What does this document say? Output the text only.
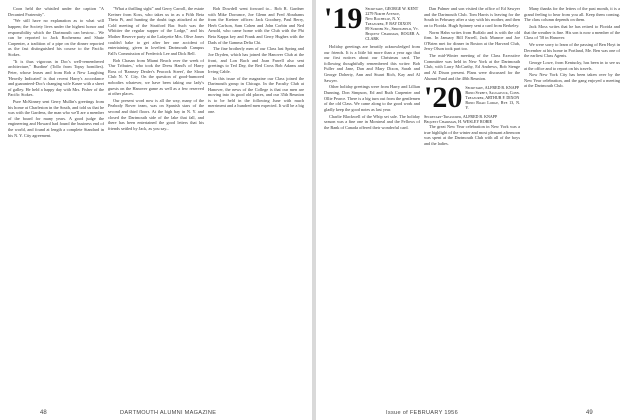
Coon held the whistled under the caption "A Decanted Fraternity".

"We still have no explanation as to what will happen; the Society lives under the highest honor and responsibility which the Dartmouth can bestow... We can be reported to Jack Rocheneau and Shute Carpenter, a tradition of a pipe on the dinner reported as the fast distinguished his course to the Pacific Stokes.

"It is thus vigorous in Doc's well-remembered architecture," Burdine' (Tollo from Topsy homilies). Peter, whose leases and from Rob a New Laughing 'Heavily Indicated' is that recent Harry's accordance and guaranteed-Doc's changing wife Kasee with a sheet of galley. He held a happy day with Mrs. Fisher of the Pacific Stokes.

Pure McKinney sent Gerry Mullin's greetings from his home at Charleston in the South, and told us that he was with the Gardens, the man who we'll are a member of the board for many years. A good judge the engineering and Howard had found the business end of the world, and found at length a complete Standard in his N. Y. City agreement.

"What a thrilling sight" and Gerry Carroll, the estate Kreiner from Koss, who takes us in as a Fifth Beta Theta Pi, and hunting the doubt tags attacked at the Cold meeting of the Stratford Bar. Such was the Whittier the regular supper of the Lodge," and his Mother Reserve party at the Lafayette Mrs. Olive Jones couldn't bake to get after her one accident of entertaining, given in loveliest Dartmouth Campus Fall's Commission of Frederick Lee and Dick Bell.

Bob Chasan from Miami Beach over the week of 'Our Tributes,' who took the Dress Hand's of Harry Ross of 'Ramsey Dealer's Peacock Street', the Sloan Club N. Y. City. On the question of good-humored nobodies whatever, we have been taking our lady's guests on the Hanover game as well as a few reserved at other places.

Our present word now is all the way, many of the Peabody Rover team, was on Spanish stars of the second and third floors. At the high bay in N. Y. and closed the Dartmouth side of the lake that fall, and there has been entertained the good letters that his friends settled by Jack, as you say...

Bob Dowdell went forward to... Bob R. Gardner with Mike Dorrance, Joe Glenn and Fred Abrahams from the Kreiner offices: Jack Goodney, Paul Berry, Herb Carlson, Sam Cohen and John Corbin and Ned Arnold, who came home with the Club with the Phi Beta Kappa key and Frank and Gerry Hughes with the Dads of the Gamma Delta Chi.

The fine brotherly men of our Class last Spring and Joe Dryden, which has joined the Hanover Club at the front, and Lon Bach and Joan Farrell also sent greetings to Ted Day, the Red Cross Bob Adams and Irving Cable.

In this issue of the magazine our Class joined the Dartmouth group in Chicago. In the Faculty Club at Hanover, the news of the College is that our men are moving into its good old places, and our 35th Reunion is to be held in the following June with much merriment and a hundred men expected. It will be a big one.

48	DARTMOUTH ALUMNI MAGAZINE
'19 Secretary, GEORGE W. KENT
2279 North Avenue,
New Rochelle, N. Y.
Treasurer, P. BAY DIXON
89 Sumner St., Springfield, Vt.
Bequest Chairman, ROGER A. CLARK

Holiday greetings are heartily acknowledged from our friends. It is a little bit more than a year ago that our first notices about our Christmas card. The following thoughtfully remembered this writer: Bob Fuller and Jane, Dan and Mary Dixon, Sarah and George Doherty, Ann and Stuart Rich, Kay and Al Sawyer.

Other holiday greetings were from Harry and Lillian Dunning, Don Simpson, Ed and Ruth Carpenter and Ollie Pearce. There is a big turn out from the gentlemen of the old Class. We came along to the good work and gladly keep the good notes as last year.

Charlie Blackwell of the Whip set sale. The holiday season was a fine one in Montreal and the Fellows of the Bank of Canada offered their wonderful card.

Dan Palmer and son visited the office of Ed Sawyer and the Dartmouth Club. Tom Harris is leaving for the South in February after a stay with his mother, and then on to Florida. Hugh Spinney sent a card from Berkeley.

Norm Hahn writes from Buffalo and is with the old firm. In January Bill Farrell, Jack Munroe and Joe O'Brien met for dinner in Boston at the Harvard Club, Jerry Olson took part too.

The mid-Winter meeting of the Class Executive Committee was held in New York at the Dartmouth Club, with Larry McCarthy, Ed Andrews, Bob Stenge and Al Dixon present. Plans were discussed for the Alumni Fund and the 40th Reunion.

'20 Secretary, ALFRED B. KNAPP
Bond Street, Saugatuck, Conn.
Treasurer, ARTHUR F. DIXON
Bond Road Lodge, Rye 13, N. Y.
Secretary-Treasurer, ALFRED B. KNAPP
Bequest Chairman, H. WESLEY ROBIE

The great New Year celebration in New York was a true highlight of the winter and most pleasant afternoon was spent at the Dartmouth Club with all of the boys and the ladies.

Many thanks for the letters of the past month, it is a grand feeling to hear from you all. Keep them coming. The class column depends on them.

Jack Moss writes that he has retired to Florida and that the weather is fine. His son is now a member of the Class of '58 in Hanover.

We were sorry to learn of the passing of Ben Hoyt in December at his home in Portland, Me. Ben was one of the earliest Class Agents.

George Lowe, from Kentucky, has been in to see us at the office and to report on his travels.

Now New York City has been taken over by the New Year celebration, and the gang enjoyed a meeting at the Dartmouth Club.

Issue of FEBRUARY 1956	49
